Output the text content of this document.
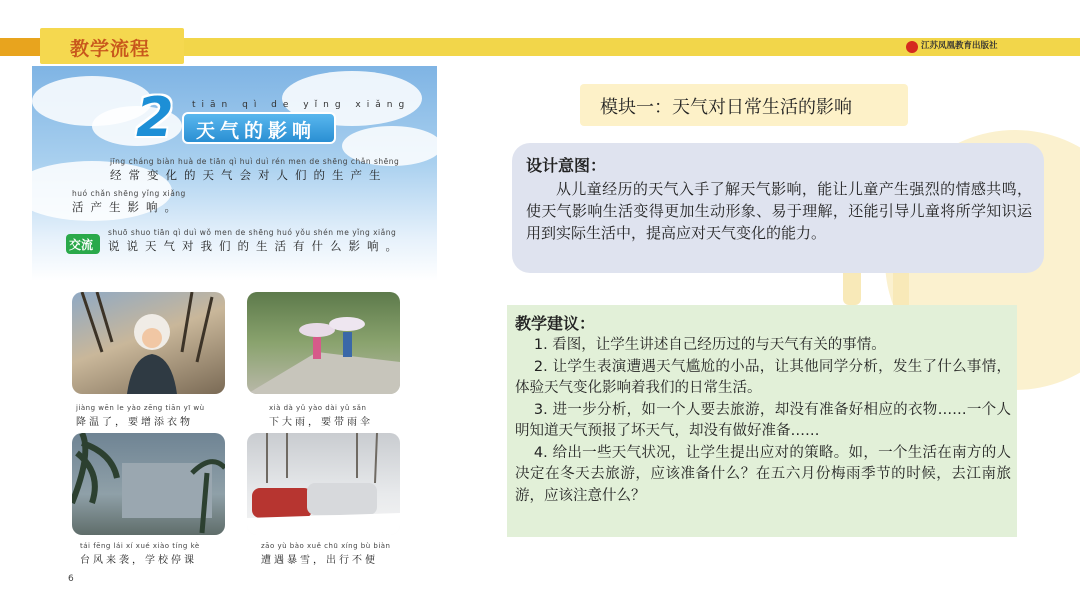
教学流程	江苏凤凰教育出版社
2 tiān qì de yǐng xiǎng
天气的影响
jīng cháng biàn huà de tiān qì huì duì rén men de shēng chǎn shēng
经常变化的天气会对人们的生产生
huó chǎn shēng yǐng xiǎng
活产生影响。
交流
shuō shuo tiān qì duì wǒ men de shēng huó yǒu shén me yǐng xiǎng
说说天气对我们的生活有什么影响。
jiàng wēn le yào zēng tiān yī wù
降温了，要增添衣物
xià dà yǔ yào dài yǔ sǎn
下大雨，要带雨伞
tái fēng lái xí xué xiào tíng kè
台风来袭，学校停课
zāo yù bào xuě chū xíng bù biàn
遭遇暴雪，出行不便
6
模块一：天气对日常生活的影响
设计意图：
从儿童经历的天气入手了解天气影响，能让儿童产生强烈的情感共鸣，使天气影响生活变得更加生动形象、易于理解，还能引导儿童将所学知识运用到实际生活中，提高应对天气变化的能力。
教学建议：

1. 看图，让学生讲述自己经历过的与天气有关的事情。

2. 让学生表演遭遇天气尴尬的小品，让其他同学分析，发生了什么事情，体验天气变化影响着我们的日常生活。

3. 进一步分析，如一个人要去旅游，却没有准备好相应的衣物……一个人明知道天气预报了坏天气，却没有做好准备……

4. 给出一些天气状况，让学生提出应对的策略。如，一个生活在南方的人决定在冬天去旅游，应该准备什么？在五六月份梅雨季节的时候，去江南旅游，应该注意什么？
